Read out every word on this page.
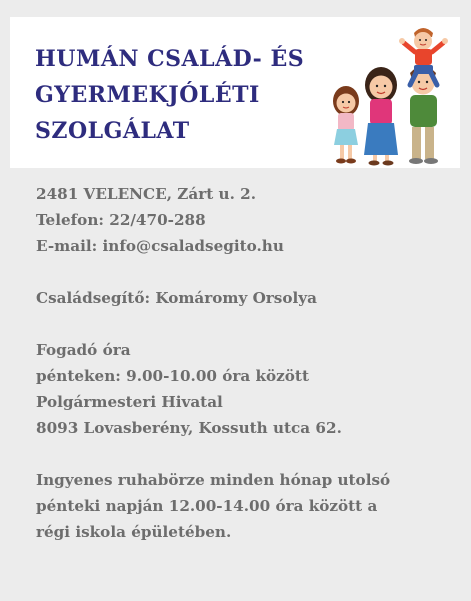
HUMÁN CSALÁD- ÉS
GYERMEKJÓLÉTI
SZOLGÁLAT
2481 VELENCE, Zárt u. 2.
Telefon: 22/470-288
E-mail: info@csaladsegito.hu
Családsegítő: Komáromy Orsolya
Fogadó óra
pénteken: 9.00-10.00 óra között
Polgármesteri Hivatal
8093 Lovasberény, Kossuth utca 62.
Ingyenes ruhabörze minden hónap utolsó
pénteki napján 12.00-14.00 óra között a
régi iskola épületében.
